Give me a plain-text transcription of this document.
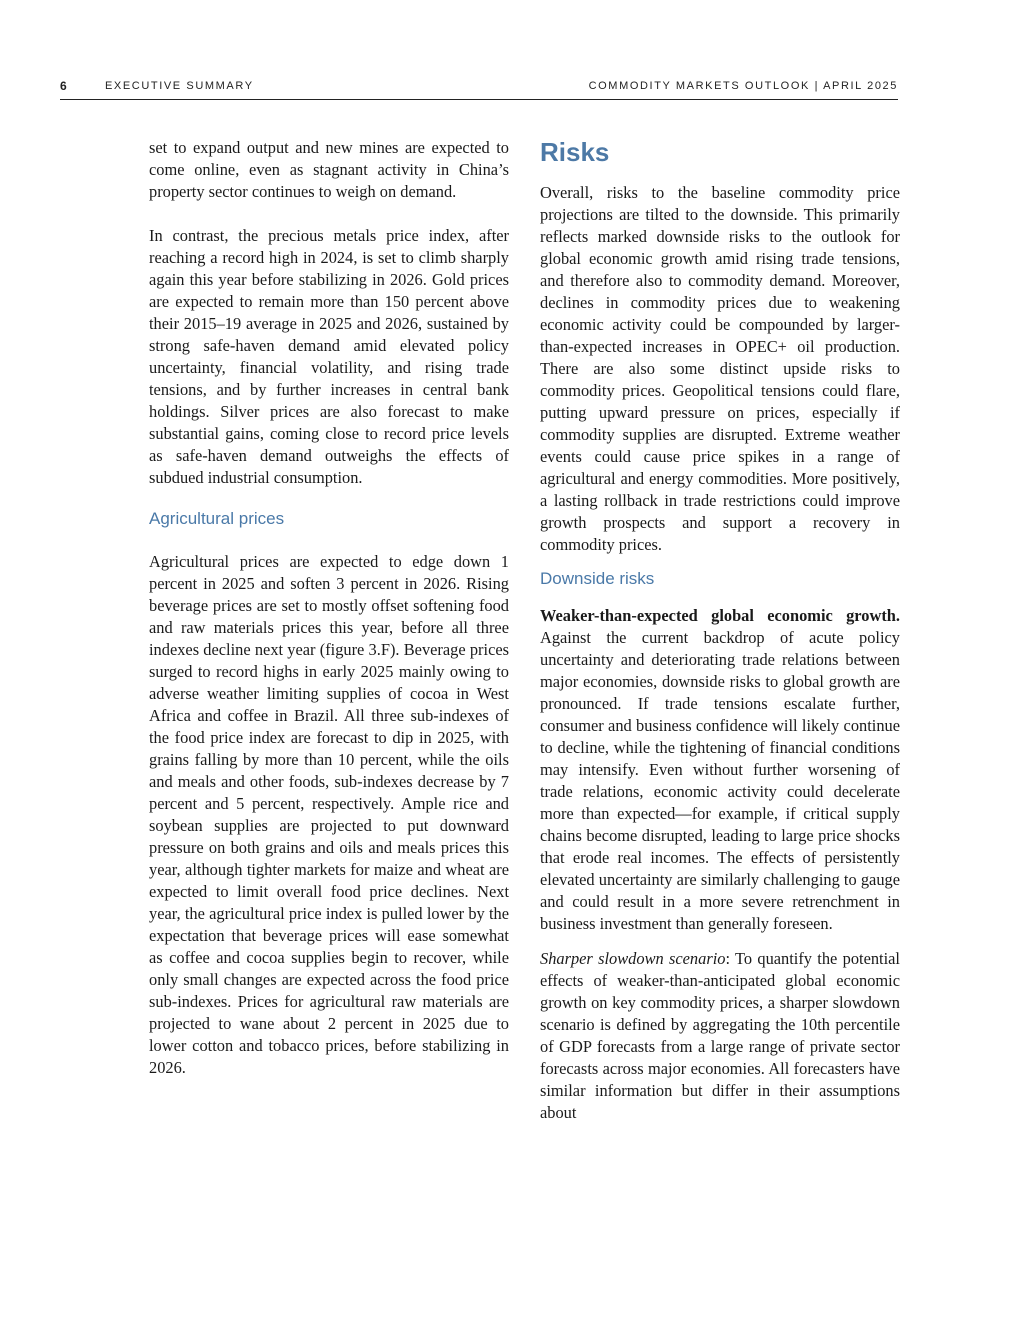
6	EXECUTIVE SUMMARY	COMMODITY MARKETS OUTLOOK | APRIL 2025

set to expand output and new mines are expected to come online, even as stagnant activity in China’s property sector continues to weigh on demand.

In contrast, the precious metals price index, after reaching a record high in 2024, is set to climb sharply again this year before stabilizing in 2026. Gold prices are expected to remain more than 150 percent above their 2015–19 average in 2025 and 2026, sustained by strong safe-haven demand amid elevated policy uncertainty, financial volatility, and rising trade tensions, and by further increases in central bank holdings. Silver prices are also forecast to make substantial gains, coming close to record price levels as safe-haven demand outweighs the effects of subdued industrial consumption.

Agricultural prices

Agricultural prices are expected to edge down 1 percent in 2025 and soften 3 percent in 2026. Rising beverage prices are set to mostly offset softening food and raw materials prices this year, before all three indexes decline next year (figure 3.F). Beverage prices surged to record highs in early 2025 mainly owing to adverse weather limiting supplies of cocoa in West Africa and coffee in Brazil. All three sub-indexes of the food price index are forecast to dip in 2025, with grains falling by more than 10 percent, while the oils and meals and other foods, sub-indexes decrease by 7 percent and 5 percent, respectively. Ample rice and soybean supplies are projected to put downward pressure on both grains and oils and meals prices this year, although tighter markets for maize and wheat are expected to limit overall food price declines. Next year, the agricultural price index is pulled lower by the expectation that beverage prices will ease somewhat as coffee and cocoa supplies begin to recover, while only small changes are expected across the food price sub-indexes. Prices for agricultural raw materials are projected to wane about 2 percent in 2025 due to lower cotton and tobacco prices, before stabilizing in 2026.

Risks

Overall, risks to the baseline commodity price projections are tilted to the downside. This primarily reflects marked downside risks to the outlook for global economic growth amid rising trade tensions, and therefore also to commodity demand. Moreover, declines in commodity prices due to weakening economic activity could be compounded by larger-than-expected increases in OPEC+ oil production. There are also some distinct upside risks to commodity prices. Geopolitical tensions could flare, putting upward pressure on prices, especially if commodity supplies are disrupted. Extreme weather events could cause price spikes in a range of agricultural and energy commodities. More positively, a lasting rollback in trade restrictions could improve growth prospects and support a recovery in commodity prices.

Downside risks

Weaker-than-expected global economic growth. Against the current backdrop of acute policy uncertainty and deteriorating trade relations between major economies, downside risks to global growth are pronounced. If trade tensions escalate further, consumer and business confidence will likely continue to decline, while the tightening of financial conditions may intensify. Even without further worsening of trade relations, economic activity could decelerate more than expected—for example, if critical supply chains become disrupted, leading to large price shocks that erode real incomes. The effects of persistently elevated uncertainty are similarly challenging to gauge and could result in a more severe retrenchment in business investment than generally foreseen.

Sharper slowdown scenario: To quantify the potential effects of weaker-than-anticipated global economic growth on key commodity prices, a sharper slowdown scenario is defined by aggregating the 10th percentile of GDP forecasts from a large range of private sector forecasts across major economies. All forecasters have similar information but differ in their assumptions about
